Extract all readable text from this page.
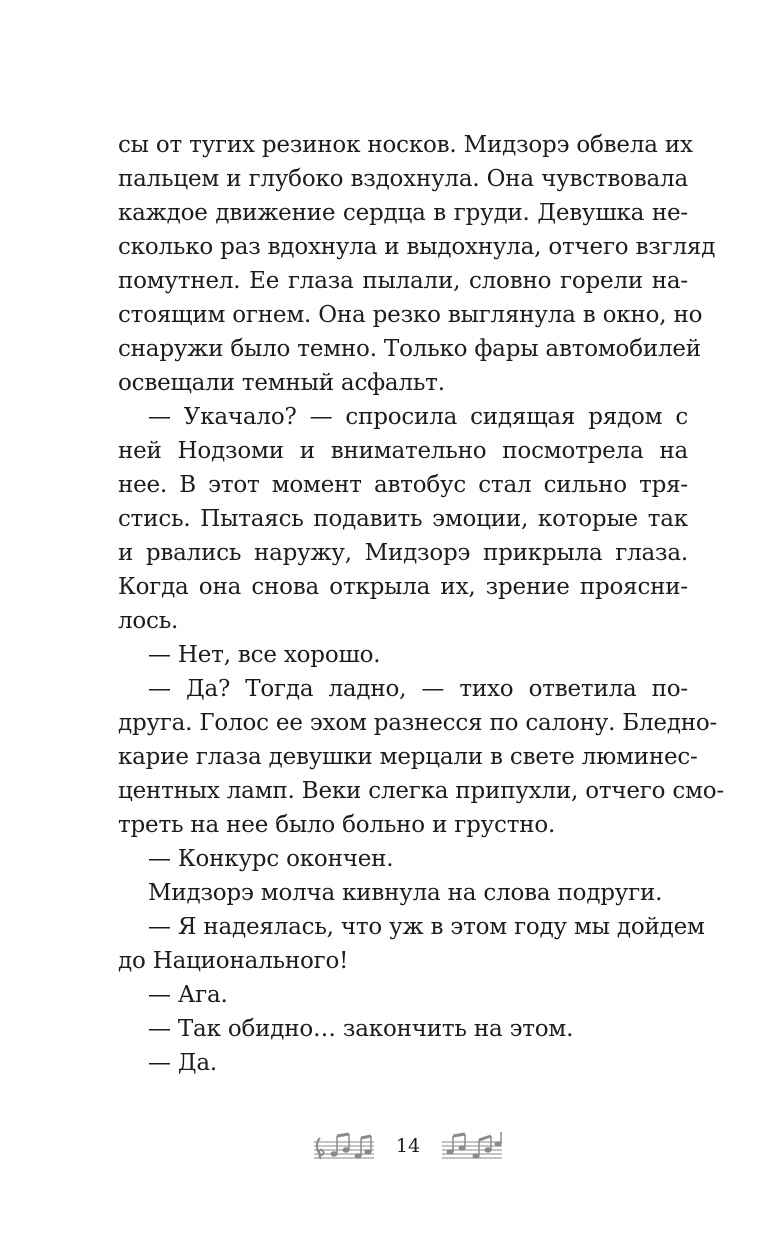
сы от тугих резинок носков. Мидзорэ обвела их
пальцем и глубоко вздохнула. Она чувствовала
каждое движение сердца в груди. Девушка не-
сколько раз вдохнула и выдохнула, отчего взгляд
помутнел. Ее глаза пылали, словно горели на-
стоящим огнем. Она резко выглянула в окно, но
снаружи было темно. Только фары автомобилей
освещали темный асфальт.
— Укачало? — спросила сидящая рядом с
ней Нодзоми и внимательно посмотрела на
нее. В этот момент автобус стал сильно тря-
стись. Пытаясь подавить эмоции, которые так
и рвались наружу, Мидзорэ прикрыла глаза.
Когда она снова открыла их, зрение проясни-
лось.
— Нет, все хорошо.
— Да? Тогда ладно, — тихо ответила по-
друга. Голос ее эхом разнесся по салону. Бледно-
карие глаза девушки мерцали в свете люминес-
центных ламп. Веки слегка припухли, отчего смо-
треть на нее было больно и грустно.
— Конкурс окончен.
Мидзорэ молча кивнула на слова подруги.
— Я надеялась, что уж в этом году мы дойдем
до Национального!
— Ага.
— Так обидно… закончить на этом.
— Да.
14
